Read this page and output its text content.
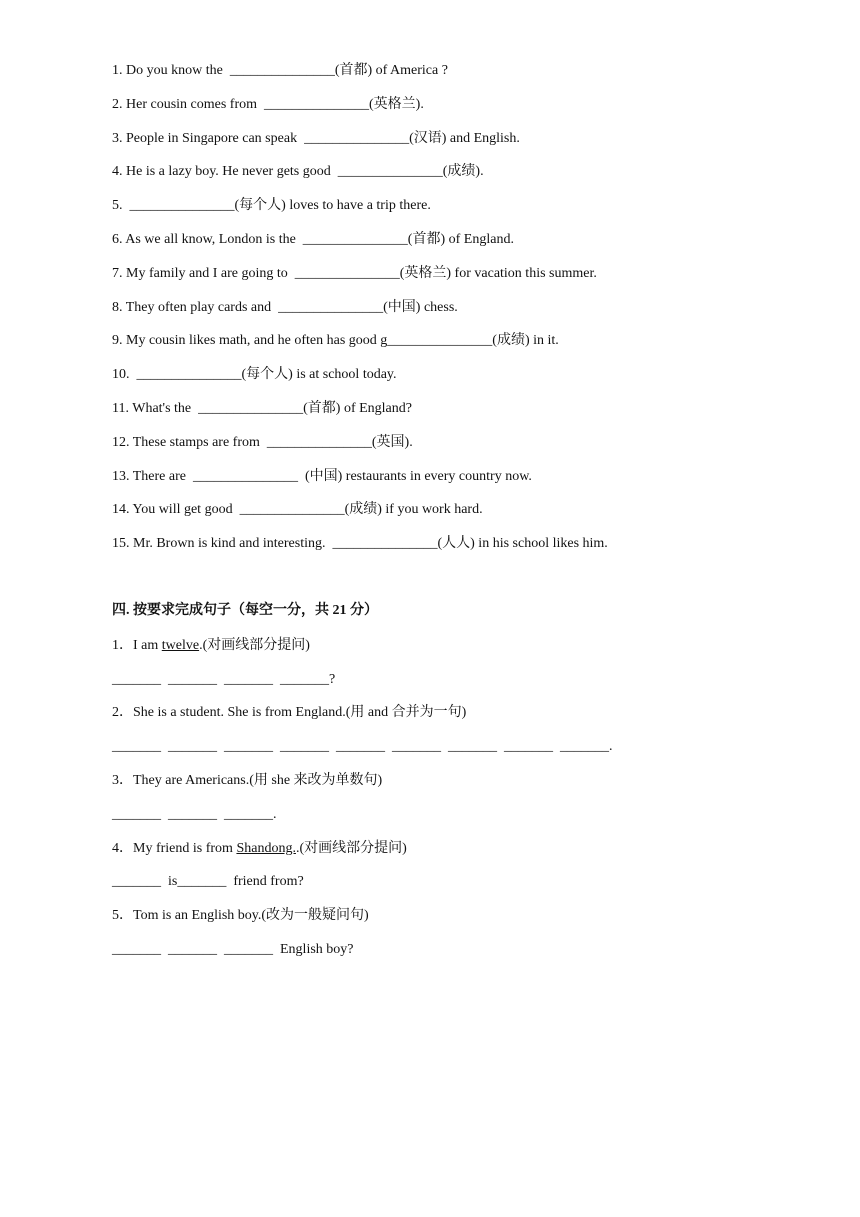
1. Do you know the  _______________(首都) of America ?
2. Her cousin comes from  _______________(英格兰).
3. People in Singapore can speak  _______________(汉语) and English.
4. He is a lazy boy. He never gets good  _______________(成绩).
5.  _______________(每个人) loves to have a trip there.
6. As we all know, London is the  _______________(首都) of England.
7. My family and I are going to  _______________(英格兰) for vacation this summer.
8. They often play cards and  _______________(中国) chess.
9. My cousin likes math, and he often has good g_______________(成绩) in it.
10.  _______________(每个人) is at school today.
11. What's the  _______________(首都) of England?
12. These stamps are from  _______________(英国).
13. There are  _______________  (中国) restaurants in every country now.
14. You will get good  _______________(成绩) if you work hard.
15. Mr. Brown is kind and interesting.  _______________(人人) in his school likes him.
四. 按要求完成句子（每空一分，共 21 分）
1．I am twelve.(对画线部分提问)
_______  _______  _______  _______?
2．She is a student. She is from England.(用 and 合并为一句)
_______  _______  _______  _______  _______  _______  _______  _______  _______.
3．They are Americans.(用 she 来改为单数句)
_______  _______  _______.
4．My friend is from Shandong..(对画线部分提问)
_______  is_______  friend from?
5．Tom is an English boy.(改为一般疑问句)
_______  _______  _______  English boy?
